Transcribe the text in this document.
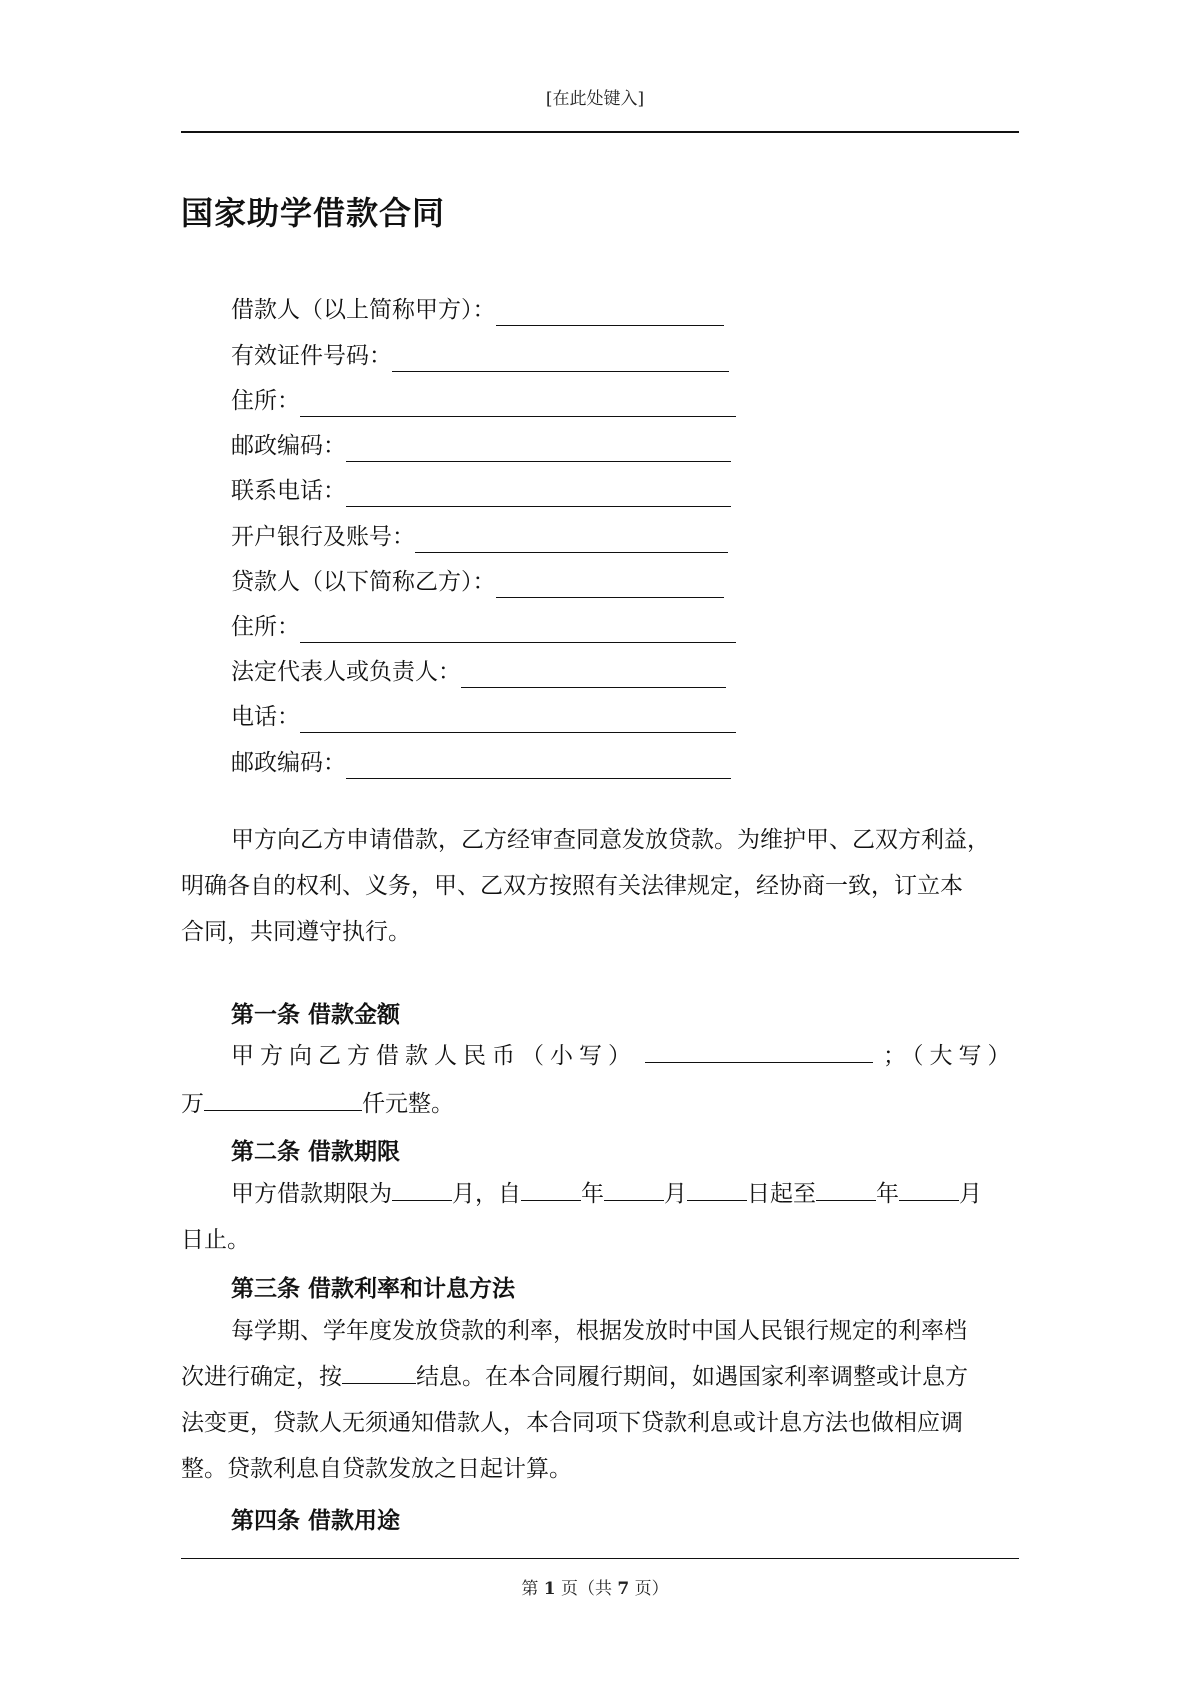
[在此处键入]
国家助学借款合同
借款人（以上简称甲方）：
有效证件号码：
住所：
邮政编码：
联系电话：
开户银行及账号：
贷款人（以下简称乙方）：
住所：
法定代表人或负责人：
电话：
邮政编码：
甲方向乙方申请借款，乙方经审查同意发放贷款。为维护甲、乙双方利益，
明确各自的权利、义务，甲、乙双方按照有关法律规定，经协商一致，订立本
合同，共同遵守执行。
第一条 借款金额
甲方向乙方借款人民币（小写）	；（大写）
万	仟元整。
第二条 借款期限
甲方借款期限为	月，自	年	月	日起至	年	月
日止。
第三条 借款利率和计息方法
每学期、学年度发放贷款的利率，根据发放时中国人民银行规定的利率档
次进行确定，按	结息。在本合同履行期间，如遇国家利率调整或计息方
法变更，贷款人无须通知借款人，本合同项下贷款利息或计息方法也做相应调
整。贷款利息自贷款发放之日起计算。
第四条 借款用途
第 1 页（共 7 页）
